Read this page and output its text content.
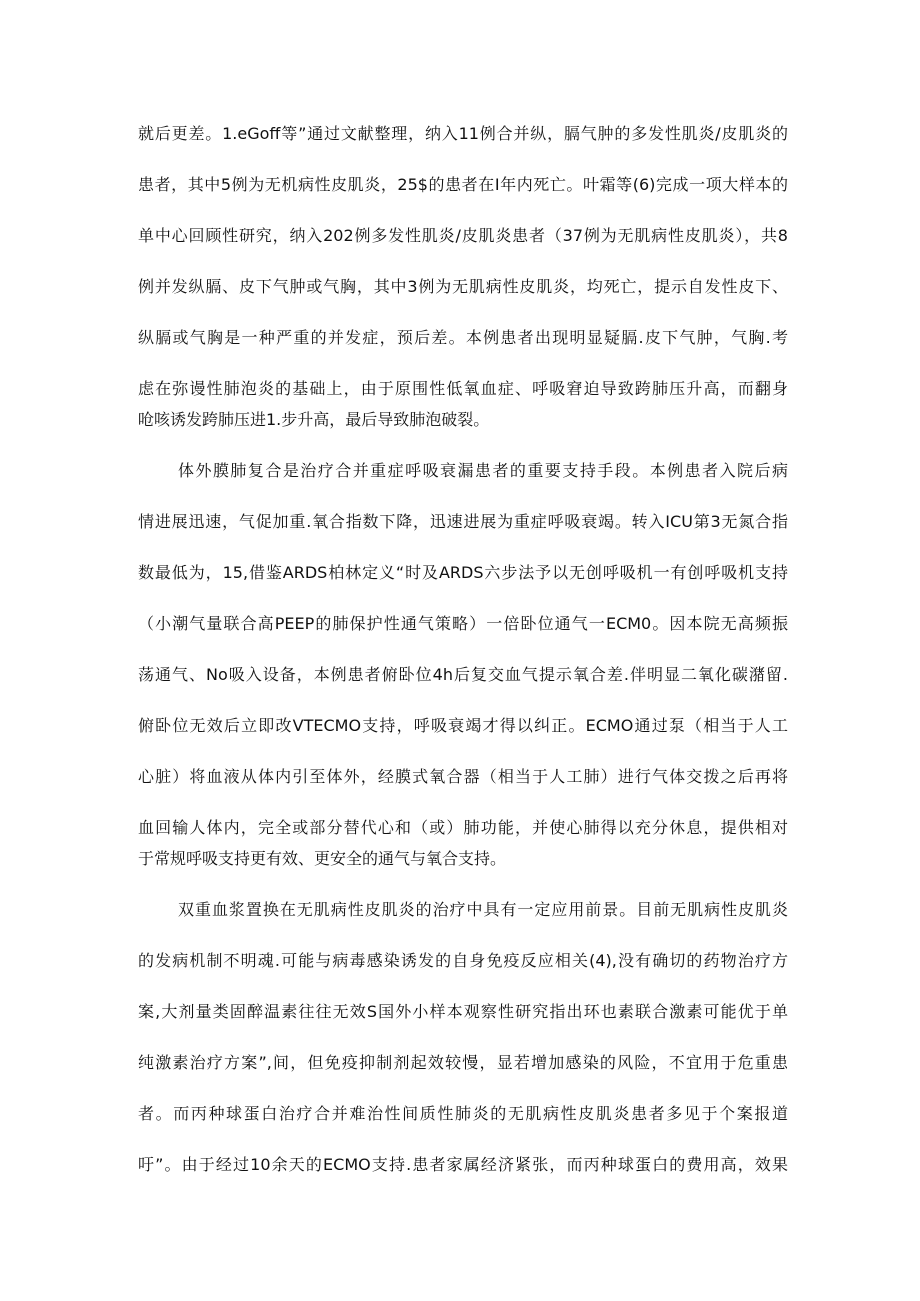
就后更差。1.eGoff等”通过文献整理，纳入11例合并纵，膈气肿的多发性肌炎/皮肌炎的
患者，其中5例为无机病性皮肌炎，25$的患者在I年内死亡。叶霜等(6)完成一项大样本的
单中心回顾性研究，纳入202例多发性肌炎/皮肌炎患者（37例为无肌病性皮肌炎），共8
例并发纵膈、皮下气肿或气胸，其中3例为无肌病性皮肌炎，均死亡，提示自发性皮下、
纵膈或气胸是一种严重的并发症，预后差。本例患者出现明显疑膈.皮下气肿，气胸.考
虑在弥谩性肺泡炎的基础上，由于原围性低氧血症、呼吸窘迫导致跨肺压升高，而翻身
呛咳诱发跨肺压进1.步升高，最后导致肺泡破裂。
体外膜肺复合是治疗合并重症呼吸衰漏患者的重要支持手段。本例患者入院后病
情进展迅速，气促加重.氧合指数下降，迅速进展为重症呼吸衰竭。转入ICU第3无氮合指
数最低为，15,借鉴ARDS柏林定义“时及ARDS六步法予以无创呼吸机一有创呼吸机支持
（小潮气量联合高PEEP的肺保护性通气策略）一倍卧位通气一ECM0。因本院无高频振
荡通气、No吸入设备，本例患者俯卧位4h后复交血气提示氧合差.伴明显二氧化碳潴留.
俯卧位无效后立即改VTECMO支持，呼吸衰竭才得以纠正。ECMO通过泵（相当于人工
心脏）将血液从体内引至体外，经膜式氧合器（相当于人工肺）进行气体交拨之后再将
血回输人体内，完全或部分替代心和（或）肺功能，并使心肺得以充分休息，提供相对
于常规呼吸支持更有效、更安全的通气与氧合支持。
双重血浆置换在无肌病性皮肌炎的治疗中具有一定应用前景。目前无肌病性皮肌炎
的发病机制不明魂.可能与病毒感染诱发的自身免疫反应相关(4),没有确切的药物治疗方
案,大剂量类固醉温素往往无效S国外小样本观察性研究指出环也素联合激素可能优于单
纯激素治疗方案”,间，但免疫抑制剂起效较慢，显若增加感染的风险，不宜用于危重患
者。而丙种球蛋白治疗合并难治性间质性肺炎的无肌病性皮肌炎患者多见于个案报道
吁”。由于经过10余天的ECMO支持.患者家属经济紧张，而丙种球蛋白的费用高，效果
